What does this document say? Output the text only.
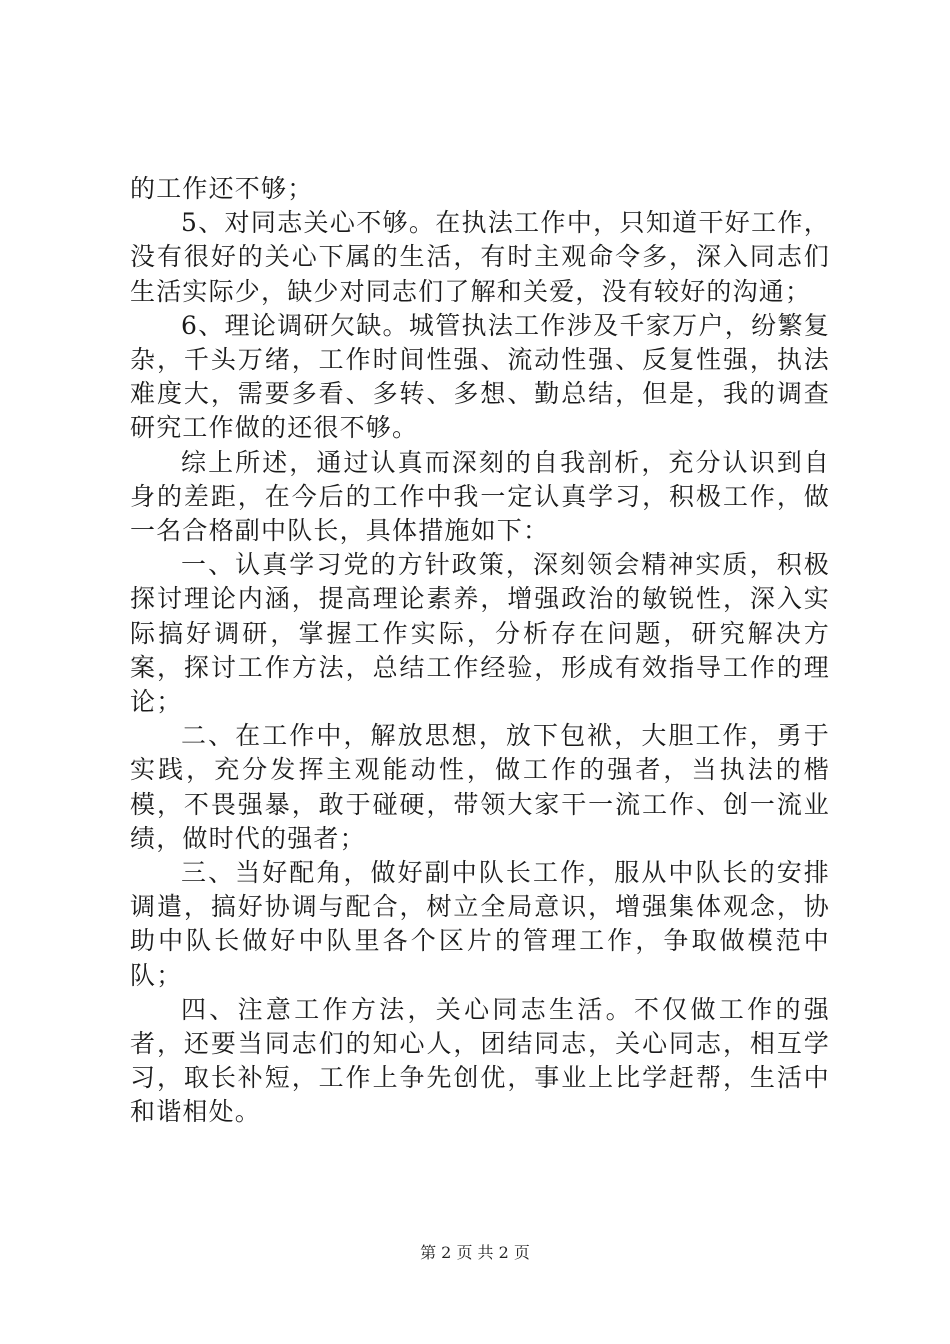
的工作还不够；

5、对同志关心不够。在执法工作中，只知道干好工作，没有很好的关心下属的生活，有时主观命令多，深入同志们生活实际少，缺少对同志们了解和关爱，没有较好的沟通；

6、理论调研欠缺。城管执法工作涉及千家万户，纷繁复杂，千头万绪，工作时间性强、流动性强、反复性强，执法难度大，需要多看、多转、多想、勤总结，但是，我的调查研究工作做的还很不够。

综上所述，通过认真而深刻的自我剖析，充分认识到自身的差距，在今后的工作中我一定认真学习，积极工作，做一名合格副中队长，具体措施如下：

一、认真学习党的方针政策，深刻领会精神实质，积极探讨理论内涵，提高理论素养，增强政治的敏锐性，深入实际搞好调研，掌握工作实际，分析存在问题，研究解决方案，探讨工作方法，总结工作经验，形成有效指导工作的理论；

二、在工作中，解放思想，放下包袱，大胆工作，勇于实践，充分发挥主观能动性，做工作的强者，当执法的楷模，不畏强暴，敢于碰硬，带领大家干一流工作、创一流业绩，做时代的强者；

三、当好配角，做好副中队长工作，服从中队长的安排调遣，搞好协调与配合，树立全局意识，增强集体观念，协助中队长做好中队里各个区片的管理工作，争取做模范中队；

四、注意工作方法，关心同志生活。不仅做工作的强者，还要当同志们的知心人，团结同志，关心同志，相互学习，取长补短，工作上争先创优，事业上比学赶帮，生活中和谐相处。

第 2 页 共 2 页
